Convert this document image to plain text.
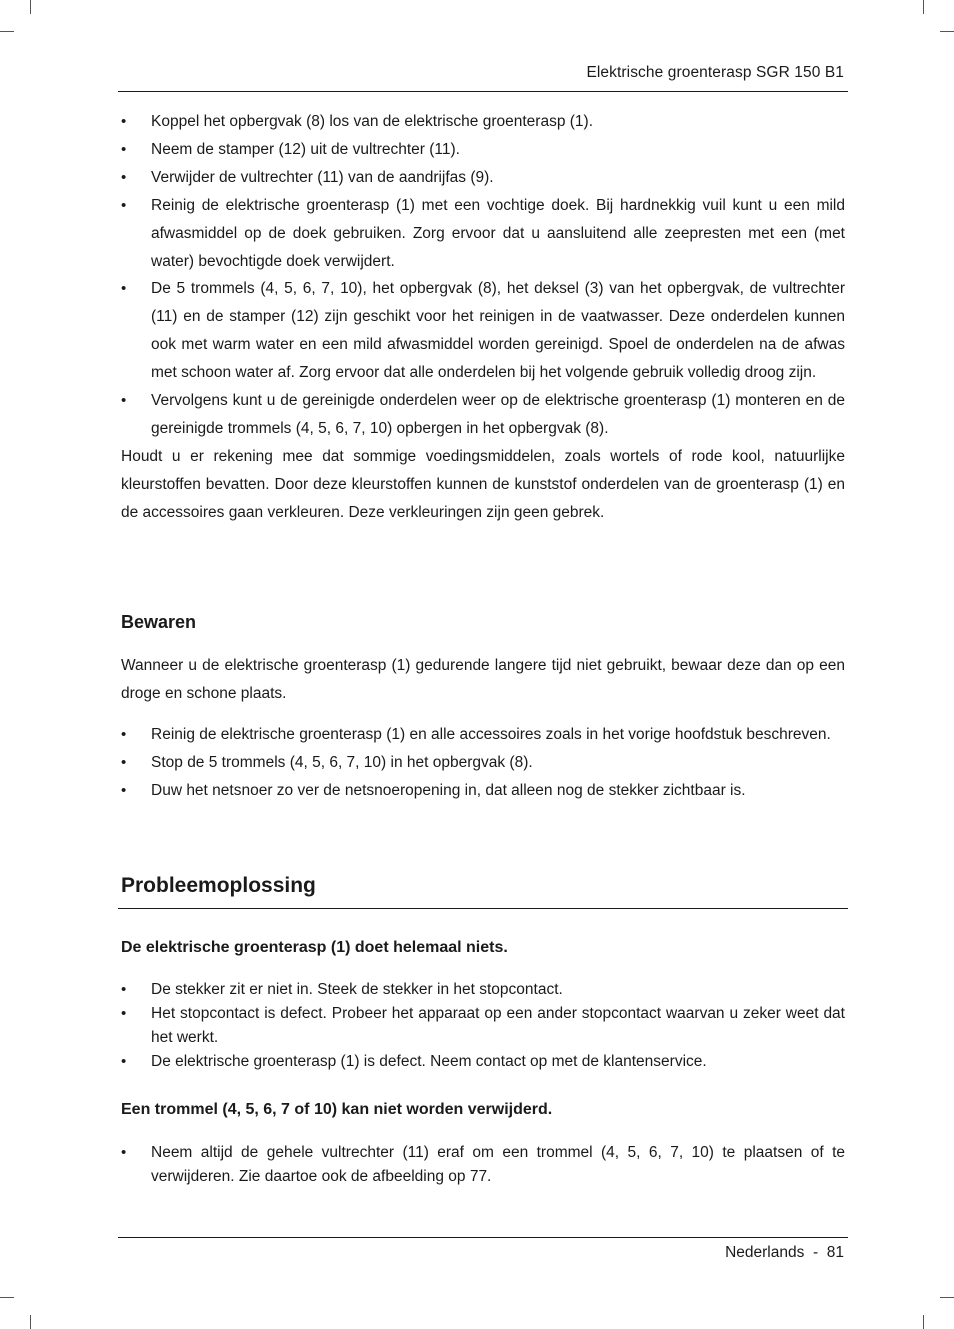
Elektrische groenterasp SGR 150 B1
• Koppel het opbergvak (8) los van de elektrische groenterasp (1).
• Neem de stamper (12) uit de vultrechter (11).
• Verwijder de vultrechter (11) van de aandrijfas (9).
• Reinig de elektrische groenterasp (1) met een vochtige doek. Bij hardnekkig vuil kunt u een mild afwasmiddel op de doek gebruiken. Zorg ervoor dat u aansluitend alle zeepresten met een (met water) bevochtigde doek verwijdert.
• De 5 trommels (4, 5, 6, 7, 10), het opbergvak (8), het deksel (3) van het opbergvak, de vultrechter (11) en de stamper (12) zijn geschikt voor het reinigen in de vaatwasser. Deze onderdelen kunnen ook met warm water en een mild afwasmiddel worden gereinigd. Spoel de onderdelen na de afwas met schoon water af. Zorg ervoor dat alle onderdelen bij het volgende gebruik volledig droog zijn.
• Vervolgens kunt u de gereinigde onderdelen weer op de elektrische groenterasp (1) monteren en de gereinigde trommels (4, 5, 6, 7, 10) opbergen in het opbergvak (8).

Houdt u er rekening mee dat sommige voedingsmiddelen, zoals wortels of rode kool, natuurlijke kleurstoffen bevatten. Door deze kleurstoffen kunnen de kunststof onderdelen van de groenterasp (1) en de accessoires gaan verkleuren. Deze verkleuringen zijn geen gebrek.

Bewaren

Wanneer u de elektrische groenterasp (1) gedurende langere tijd niet gebruikt, bewaar deze dan op een droge en schone plaats.

• Reinig de elektrische groenterasp (1) en alle accessoires zoals in het vorige hoofdstuk beschreven.
• Stop de 5 trommels (4, 5, 6, 7, 10) in het opbergvak (8).
• Duw het netsnoer zo ver de netsnoeropening in, dat alleen nog de stekker zichtbaar is.
Probleemoplossing
De elektrische groenterasp (1) doet helemaal niets.
• De stekker zit er niet in. Steek de stekker in het stopcontact.
• Het stopcontact is defect. Probeer het apparaat op een ander stopcontact waarvan u zeker weet dat het werkt.
• De elektrische groenterasp (1) is defect. Neem contact op met de klantenservice.
Een trommel (4, 5, 6, 7 of 10) kan niet worden verwijderd.
• Neem altijd de gehele vultrechter (11) eraf om een trommel (4, 5, 6, 7, 10) te plaatsen of te verwijderen. Zie daartoe ook de afbeelding op 77.
Nederlands  -  81
